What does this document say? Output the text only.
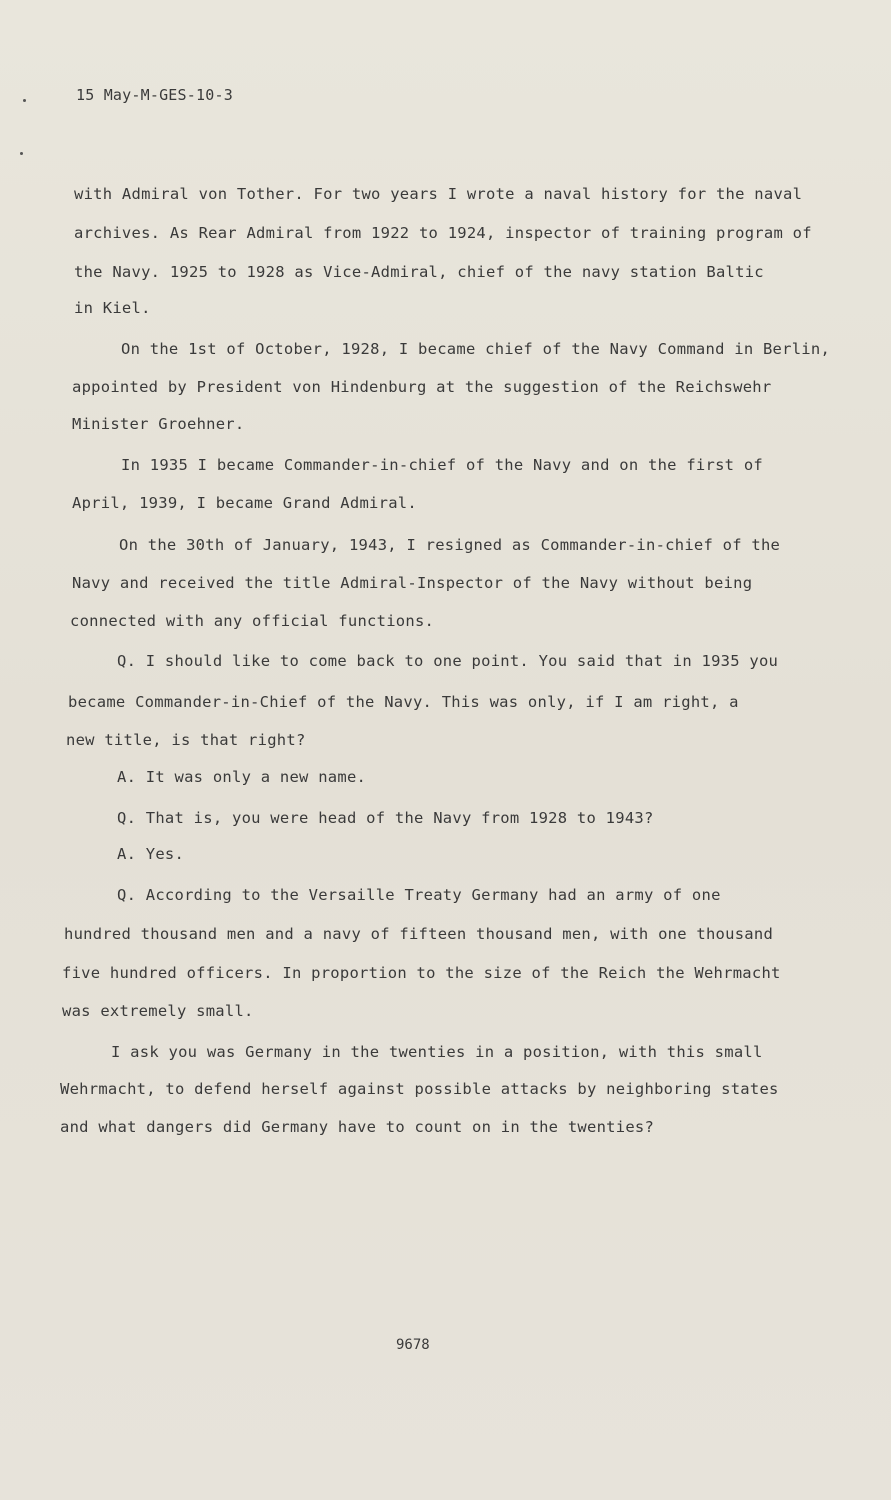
15 May-M-GES-10-3
with Admiral von Tother. For two years I wrote a naval history for the naval
archives. As Rear Admiral from 1922 to 1924, inspector of training program of
the Navy. 1925 to 1928 as Vice-Admiral, chief of the navy station Baltic
in Kiel.
On the 1st of October, 1928, I became chief of the Navy Command in Berlin,
appointed by President von Hindenburg at the suggestion of the Reichswehr
Minister Groehner.
In 1935 I became Commander-in-chief of the Navy and on the first of
April, 1939, I became Grand Admiral.
On the 30th of January, 1943, I resigned as Commander-in-chief of the
Navy and received the title Admiral-Inspector of the Navy without being
connected with any official functions.
Q. I should like to come back to one point. You said that in 1935 you
became Commander-in-Chief of the Navy. This was only, if I am right, a
new title, is that right?
A. It was only a new name.
Q. That is, you were head of the Navy from 1928 to 1943?
A. Yes.
Q. According to the Versaille Treaty Germany had an army of one
hundred thousand men and a navy of fifteen thousand men, with one thousand
five hundred officers. In proportion to the size of the Reich the Wehrmacht
was extremely small.
I ask you was Germany in the twenties in a position, with this small
Wehrmacht, to defend herself against possible attacks by neighboring states
and what dangers did Germany have to count on in the twenties?
9678
